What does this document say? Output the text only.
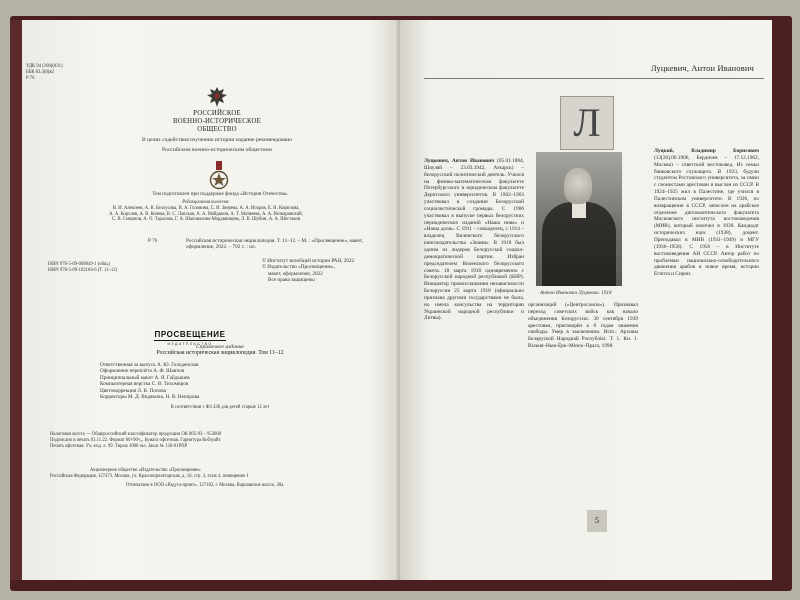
УДК 94 (100)(031)
ББК 63.3(0)я2
Р 76
РОССИЙСКОЕ
ВОЕННО-ИСТОРИЧЕСКОЕ
ОБЩЕСТВО
В целях содействия изучению истории издание рекомендовано
Российским военно-историческим обществом
Том подготовлен при поддержке фонда «История Отечества»
Редакционная коллегия:
Н. И. Алексеев, А. В. Белоусова, В. А. Головина, С. И. Зверева, А. А. Искров, Е. Н. Кирилова,
А. А. Королев, А. В. Кочева, В. С. Лапская, А. А. Майданов, А. Т. Матвеева, А. А. Незнаровский,
С. В. Смирнов, А. О. Тарасова, Г. А. Шаповалова-Мордвинцева, Л. В. Шубин, А. А. Шестаков
Р 76	Российская историческая энциклопедия. Т. 11–12. – М. : «Просвещение», макет, оформление, 2022. – 792 с. : ил.
ISBN 978-5-09-068849-1 (общ.)
ISBN 978-5-09-102184-6 (Т. 11–12)
© Институт всеобщей истории РАН, 2022
© Издательство «Просвещение»,
макет, оформление, 2022
Все права защищены
ПРОСВЕЩЕНИЕ
ИЗДАТЕЛЬСТВО
Справочное издание
Российская историческая энциклопедия. Том 11–12
Ответственная за выпуск А. Ю. Голоденская
Оформление переплёта А. Ф. Шаипов
Принципиальный макет А. Я. Гайдышев
Компьютерная верстка С. В. Тихомиров
Цветокоррекция Л. В. Попова
Корректоры М. Д. Видякина, Н. В. Непорова
В соответствии с ФЗ 436 для детей старше 12 лет
Налоговая льгота — Общероссийский классификатор продукции ОК 005-93 – 953000
Подписано в печать 03.11.22. Формат 60×90¹/₈. Бумага офсетная. Гарнитура Кобзуайт.
Печать офсетная. Уч.-изд. л. 99. Тираж 3000 экз. Заказ № 130-01РПР
Акционерное общество «Издательство «Просвещение»
Российская Федерация, 127473, Москва, ул. Краснопролетарская, д. 16, стр. 3, этаж 4, помещение I
Отпечатано в ООО «Радуга-принт». 127182, г. Москва, Варшавское шоссе, 28а.
Луцкевич, Антон Иванович
Л
Луцкевич, Антон Иванович (05.01.1884, Шяуляй – 23.03.1942, Аткарск) – белорусский политический деятель. Учился на физико-математическом факультете Петербургского и юридическом факультете Дерптского университетов. В 1902–1903 участвовал в создании Белорусской социалистической громады. С 1906 участвовал в выпуске первых белорусских периодических изданий «Наша нива» и «Наша доля». С 1911 – совладелец, с 1914 – владелец Виленского белорусского книгоиздательства «Знамя». В 1918 был одним из лидеров Белорусской социал-демократической партии. Избран председателем Виленского белорусского совета. 18 марта 1918 одновременно с Белорусской народной республикой (БНР). Инициатор провозглашения независимости Белоруссии 25 марта 1918 (официально признана другими государствами не была, но имела консульства на территории Украинской народной республики и Литвы).
Антон Иванович Луцкевич. 1918
организаций («Центросоюза»). Признавал переход советских войск как начало объединения Белоруссии. 30 сентября 1939 арестован, приговорён к 8 годам лишения свободы. Умер в заключении. Иcm.: Архивы Беларуской Народнай Рэспублікі. Т. 1. Кн. 1. Вільня–Нью-Ёрк–Мінск–Прага, 1998.
Луцкий, Владимир Борисович (13[26].06.1906, Бердичев – 17.12.1962, Москва) – советский востоковед. Из семьи банковского служащего. В 1923, будучи студентом Ростовского университета, за связи с сионистами арестован и выслан из СССР. В 1924–1925 жил в Палестине, где учился в Палестинском университете. В 1926, по возвращении в СССР, зачислен на арабское отделение дипломатического факультета Московского института востоковедения (МИВ), который окончил в 1930. Кандидат исторических наук (1938), доцент. Преподавал в МИВ (1931–1949) и МГУ (1936–1958). С 1956 – в Институте востоковедения АН СССР. Автор работ по проблемам национально-освободительного движения арабов в новое время, истории Египта и Сирии.
5
